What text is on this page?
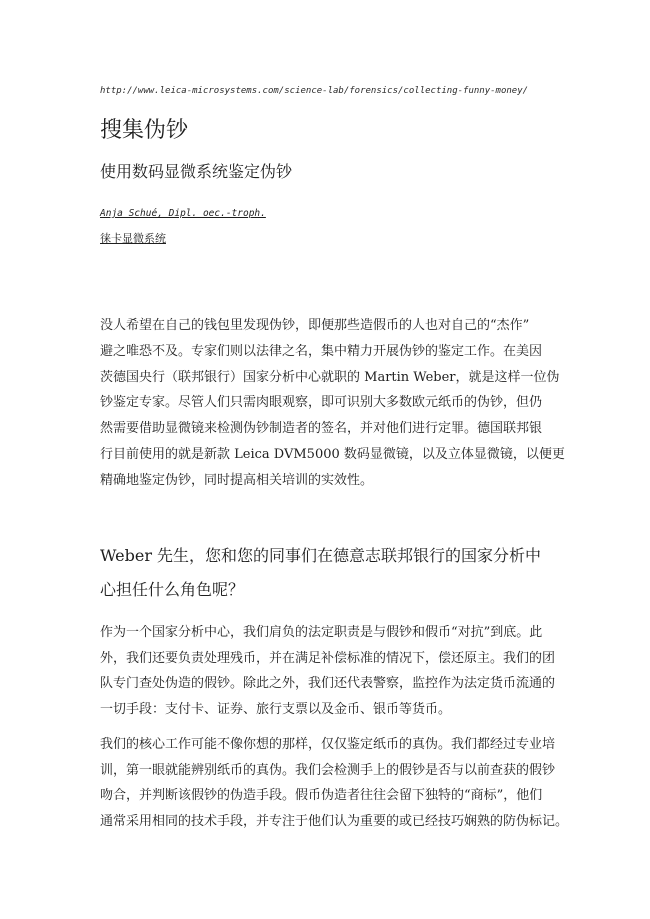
http://www.leica-microsystems.com/science-lab/forensics/collecting-funny-money/
搜集伪钞
使用数码显微系统鉴定伪钞
Anja Schué, Dipl. oec.-troph.
徕卡显微系统
没人希望在自己的钱包里发现伪钞，即便那些造假币的人也对自己的“杰作”
避之唯恐不及。专家们则以法律之名，集中精力开展伪钞的鉴定工作。在美因
茨德国央行（联邦银行）国家分析中心就职的 Martin Weber，就是这样一位伪
钞鉴定专家。尽管人们只需肉眼观察，即可识别大多数欧元纸币的伪钞，但仍
然需要借助显微镜来检测伪钞制造者的签名，并对他们进行定罪。德国联邦银
行目前使用的就是新款 Leica DVM5000 数码显微镜，以及立体显微镜，以便更
精确地鉴定伪钞，同时提高相关培训的实效性。
Weber 先生，您和您的同事们在德意志联邦银行的国家分析中
心担任什么角色呢？
作为一个国家分析中心，我们肩负的法定职责是与假钞和假币“对抗”到底。此
外，我们还要负责处理残币，并在满足补偿标准的情况下，偿还原主。我们的团
队专门查处伪造的假钞。除此之外，我们还代表警察，监控作为法定货币流通的
一切手段：支付卡、证券、旅行支票以及金币、银币等货币。
我们的核心工作可能不像你想的那样，仅仅鉴定纸币的真伪。我们都经过专业培
训，第一眼就能辨别纸币的真伪。我们会检测手上的假钞是否与以前查获的假钞
吻合，并判断该假钞的伪造手段。假币伪造者往往会留下独特的“商标”，他们
通常采用相同的技术手段，并专注于他们认为重要的或已经技巧娴熟的防伪标记。
